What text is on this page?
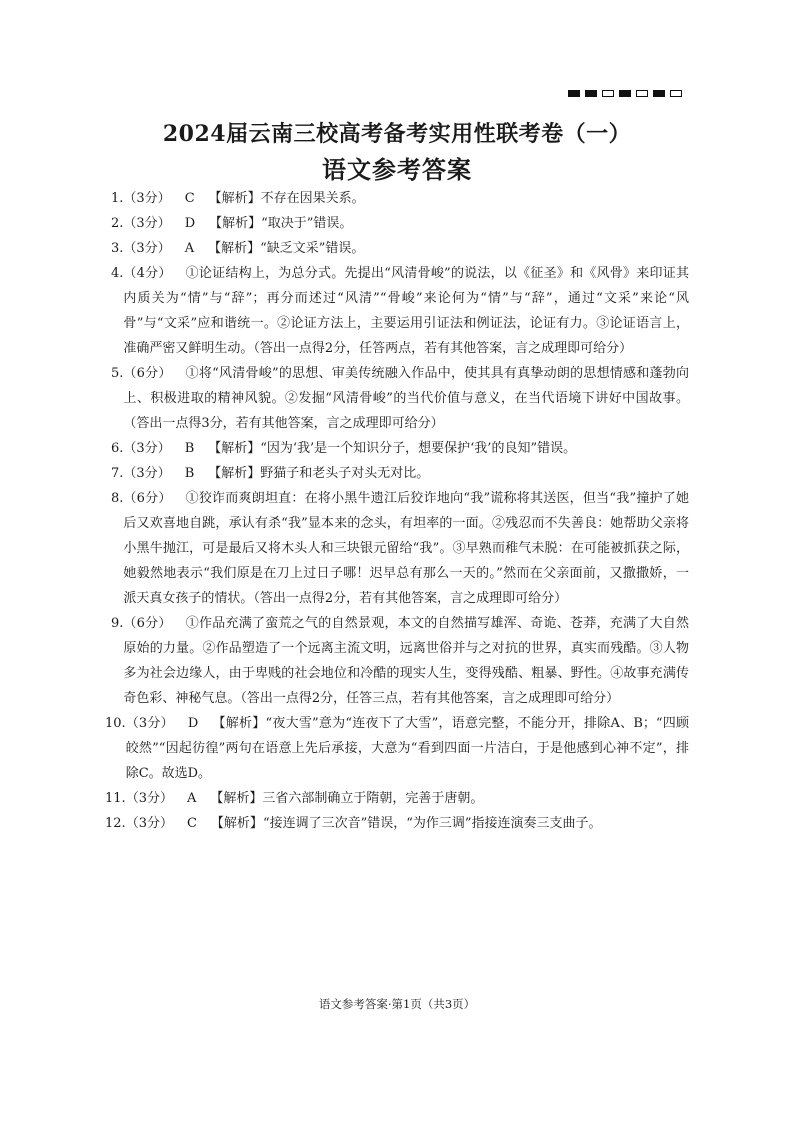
2024届云南三校高考备考实用性联考卷（一）
语文参考答案
1. （3分） C 【解析】不存在因果关系。
2. （3分） D 【解析】“取决于”错误。
3. （3分） A 【解析】“缺乏文采”错误。
4. （4分） ①论证结构上，为总分式。先提出“风清骨峻”的说法，以《征圣》和《风骨》来印证其内质关为“情”与“辞”；再分而述过“风清”“骨峻”来论何为“情”与“辞”，通过“文采”来论“风骨”与“文采”应和谐统一。②论证方法上，主要运用引证法和例证法，论证有力。③论证语言上，准确严密又鲜明生动。（答出一点得2分，任答两点，若有其他答案，言之成理即可给分）
5. （6分） ①将“风清骨峻”的思想、审美传统融入作品中，使其具有真挚动朗的思想情感和蓬勃向上、积极进取的精神风貌。②发掘“风清骨峻”的当代价值与意义，在当代语境下讲好中国故事。（答出一点得3分，若有其他答案，言之成理即可给分）
6. （3分） B 【解析】“因为‘我’是一个知识分子，想要保护‘我’的良知”错误。
7. （3分） B 【解析】野猫子和老头子对头无对比。
8. （6分） ①狡诈而爽朗坦直：在将小黑牛遗江后狡诈地向“我”谎称将其送医，但当“我”撞护了她后又欢喜地自跳，承认有杀“我”显本来的念头，有坦率的一面。②残忍而不失善良：她帮助父亲将小黑牛抛江，可是最后又将木头人和三块银元留给“我”。③早熟而稚气未脱：在可能被抓获之际，她毅然地表示“我们原是在刀上过日子哪！迟早总有那么一天的。”然而在父亲面前，又撒撒娇，一派天真女孩子的情状。（答出一点得2分，若有其他答案，言之成理即可给分）
9. （6分） ①作品充满了蛮荒之气的自然景观，本文的自然描写雄浑、奇诡、苍莽，充满了大自然原始的力量。②作品塑造了一个远离主流文明，远离世俗并与之对抗的世界，真实而残酷。③人物多为社会边缘人，由于卑贱的社会地位和冷酷的现实人生，变得残酷、粗暴、野性。④故事充满传奇色彩、神秘气息。（答出一点得2分，任答三点，若有其他答案，言之成理即可给分）
10. （3分） D 【解析】“夜大雪”意为“连夜下了大雪”，语意完整，不能分开，排除A、B；“四顾皎然”“因起彷徨”两句在语意上先后承接，大意为“看到四面一片洁白，于是他感到心神不定”，排除C。故选D。
11. （3分） A 【解析】三省六部制确立于隋朝，完善于唐朝。
12. （3分） C 【解析】“接连调了三次音”错误，“为作三调”指接连演奏三支曲子。
语文参考答案·第1页（共3页）
